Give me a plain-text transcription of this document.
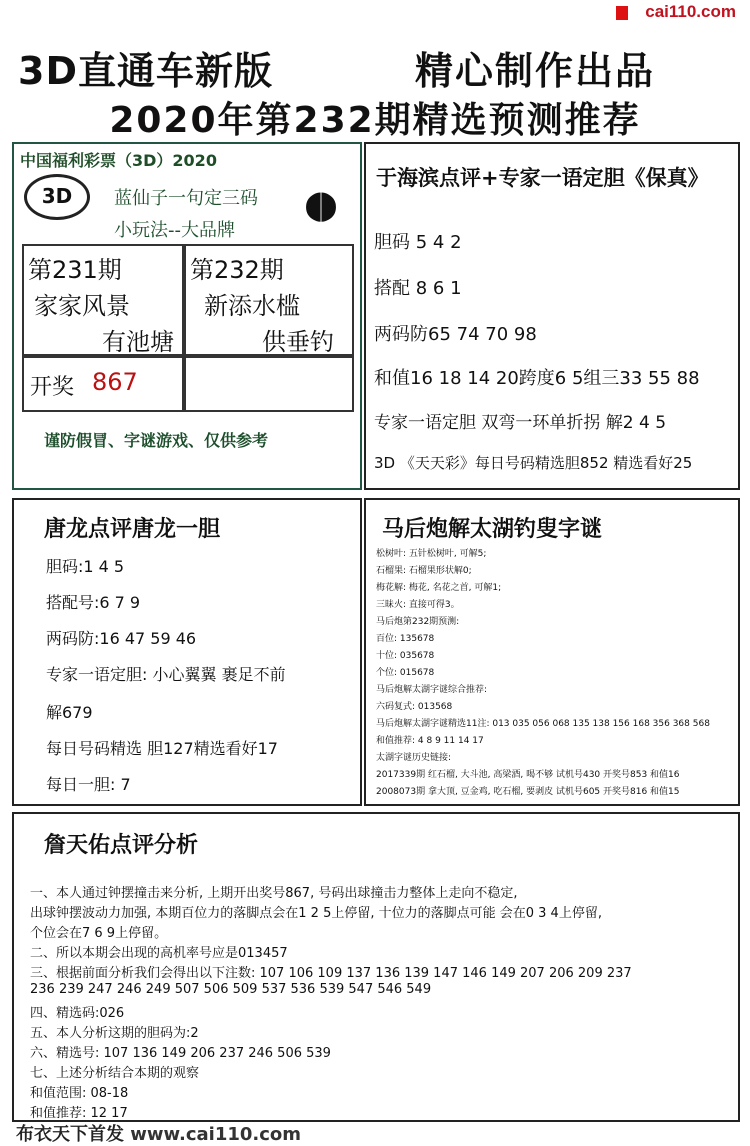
cai110.com
3D直通车新版	精心制作出品
2020年第232期精选预测推荐
中国福利彩票（3D）2020
3D	蓝仙子一句定三码
小玩法--大品牌
◖◗
第231期
家家风景
有池塘
第232期
新添水槛
供垂钓
开奖 867
谨防假冒、字谜游戏、仅供参考
于海滨点评+专家一语定胆《保真》
胆码 5 4 2
搭配 8 6 1
两码防65 74 70 98
和值16 18 14 20跨度6 5组三33 55 88
专家一语定胆 双弯一环单折拐 解2 4 5
3D 《天天彩》每日号码精选胆852 精选看好25
唐龙点评唐龙一胆
胆码:1 4 5
搭配号:6 7 9
两码防:16 47 59 46
专家一语定胆: 小心翼翼 裹足不前
解679
每日号码精选 胆127精选看好17
每日一胆: 7
马后炮解太湖钓叟字谜
松树叶: 五针松树叶, 可解5;
石榴果: 石榴果形状解0;
梅花解: 梅花, 名花之首, 可解1;
三昧火: 直接可得3。
马后炮第232期预测:
百位: 135678
十位: 035678
个位: 015678
马后炮解太湖字谜综合推荐:
六码复式: 013568
马后炮解太湖字谜精选11注: 013 035 056 068 135 138 156 168 356 368 568
和值推荐: 4 8 9 11 14 17
太湖字谜历史链接:
2017339期 红石榴, 大斗池, 高梁酒, 喝不够 试机号430 开奖号853 和值16
2008073期 拿大顶, 豆金鸡, 吃石榴, 要剥皮 试机号605 开奖号816 和值15
詹天佑点评分析
一、本人通过钟摆撞击来分析, 上期开出奖号867, 号码出球撞击力整体上走向不稳定,
出球钟摆波动力加强, 本期百位力的落脚点会在1 2 5上停留, 十位力的落脚点可能 会在0 3 4上停留,
个位会在7 6 9上停留。
二、所以本期会出现的高机率号应是013457
三、根据前面分析我们会得出以下注数: 107 106 109 137 136 139 147 146 149 207 206 209 237
236 239 247 246 249 507 506 509 537 536 539 547 546 549
四、精选码:026
五、本人分析这期的胆码为:2
六、精选号: 107 136 149 206 237 246 506 539
七、上述分析结合本期的观察
和值范围: 08-18
和值推荐: 12 17
布衣天下首发 www.cai110.com
